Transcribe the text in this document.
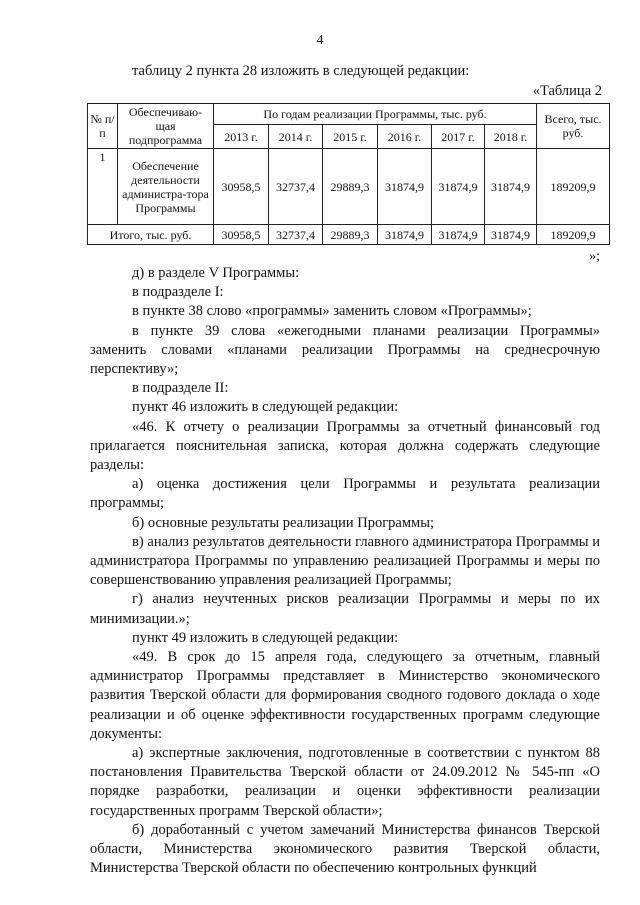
4
таблицу 2 пункта 28 изложить в следующей редакции:
«Таблица 2
№ п/п	Обеспечиваю-щая подпрограмма	По годам реализации Программы, тыс. руб.						Всего, тыс. руб.
		2013 г.	2014 г.	2015 г.	2016 г.	2017 г.	2018 г.	
1	Обеспечение деятельности администра-тора Программы	30958,5	32737,4	29889,3	31874,9	31874,9	31874,9	189209,9
Итого, тыс. руб.		30958,5	32737,4	29889,3	31874,9	31874,9	31874,9	189209,9
»;

д) в разделе V Программы:

в подразделе I:

в пункте 38 слово «программы» заменить словом «Программы»;

в пункте 39 слова «ежегодными планами реализации Программы» заменить словами «планами реализации Программы на среднесрочную перспективу»;

в подразделе II:

пункт 46 изложить в следующей редакции:

«46. К отчету о реализации Программы за отчетный финансовый год прилагается пояснительная записка, которая должна содержать следующие разделы:

а) оценка достижения цели Программы и результата реализации программы;

б) основные результаты реализации Программы;

в) анализ результатов деятельности главного администратора Программы и администратора Программы по управлению реализацией Программы и меры по совершенствованию управления реализацией Программы;

г) анализ неучтенных рисков реализации Программы и меры по их минимизации.»;

пункт 49 изложить в следующей редакции:

«49. В срок до 15 апреля года, следующего за отчетным, главный администратор Программы представляет в Министерство экономического развития Тверской области для формирования сводного годового доклада о ходе реализации и об оценке эффективности государственных программ следующие документы:

а) экспертные заключения, подготовленные в соответствии с пунктом 88 постановления Правительства Тверской области от 24.09.2012 № 545-пп «О порядке разработки, реализации и оценки эффективности реализации государственных программ Тверской области»;

б) доработанный с учетом замечаний Министерства финансов Тверской области, Министерства экономического развития Тверской области, Министерства Тверской области по обеспечению контрольных функций
